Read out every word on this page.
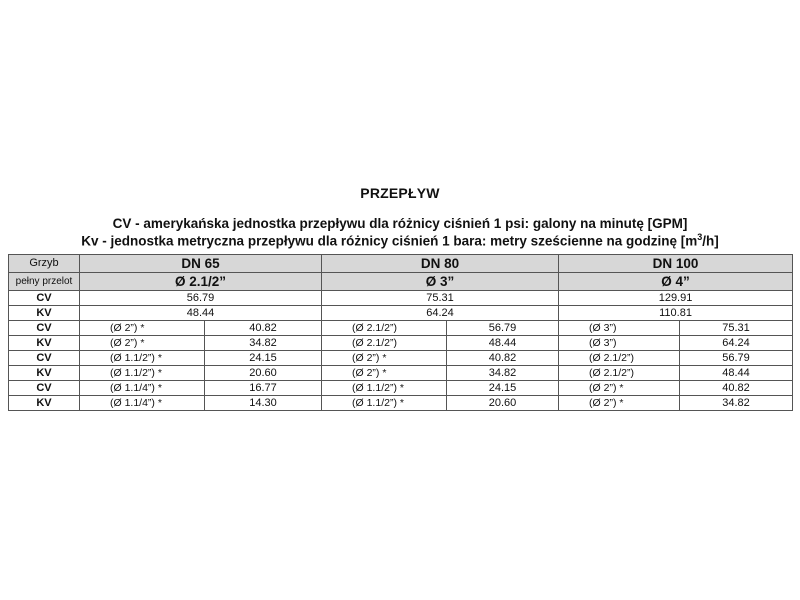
PRZEPŁYW
CV - amerykańska jednostka przepływu dla różnicy ciśnień 1 psi: galony na minutę [GPM]
Kv - jednostka metryczna przepływu dla różnicy ciśnień 1 bara: metry sześcienne na godzinę $[m^3/h]$
Grzyb	DN 65		DN 80		DN 100	
pełny przelot	Ø 2.1/2”		Ø 3”		Ø 4”	
CV	56.79		75.31		129.91	
KV	48.44		64.24		110.81	
CV	(Ø 2”) *	40.82	(Ø 2.1/2”)	56.79	(Ø 3”)	75.31
KV	(Ø 2”) *	34.82	(Ø 2.1/2”)	48.44	(Ø 3”)	64.24
CV	(Ø 1.1/2”) *	24.15	(Ø 2”) *	40.82	(Ø 2.1/2”)	56.79
KV	(Ø 1.1/2”) *	20.60	(Ø 2”) *	34.82	(Ø 2.1/2”)	48.44
CV	(Ø 1.1/4”) *	16.77	(Ø 1.1/2”) *	24.15	(Ø 2”) *	40.82
KV	(Ø 1.1/4”) *	14.30	(Ø 1.1/2”) *	20.60	(Ø 2”) *	34.82
